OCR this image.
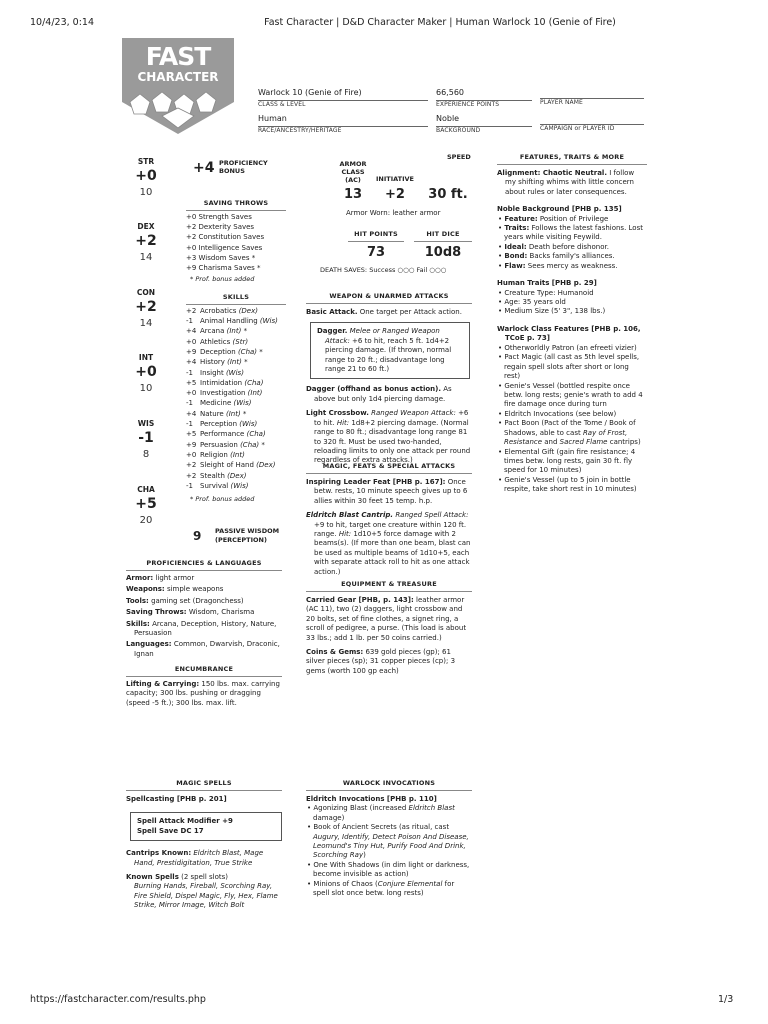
10/4/23, 0:14	Fast Character | D&D Character Maker | Human Warlock 10 (Genie of Fire)
https://fastcharacter.com/results.php	1/3
FAST
CHARACTER
Warlock 10 (Genie of Fire)
CLASS & LEVEL
66,560
EXPERIENCE POINTS	PLAYER NAME
Human
RACE/ANCESTRY/HERITAGE
Noble
BACKGROUND	CAMPAIGN or PLAYER ID
STR
+0
10
DEX
+2
14
CON
+2
14
INT
+0
10
WIS
-1
8
CHA
+5
20
+4 PROFICIENCY
BONUS
SAVING THROWS
+0 Strength Saves
+2 Dexterity Saves
+2 Constitution Saves
+0 Intelligence Saves
+3 Wisdom Saves *
+9 Charisma Saves *
* Prof. bonus added
SKILLS
+2 Acrobatics (Dex)
-1 Animal Handling (Wis)
+4 Arcana (Int) *
+0 Athletics (Str)
+9 Deception (Cha) *
+4 History (Int) *
-1 Insight (Wis)
+5 Intimidation (Cha)
+0 Investigation (Int)
-1 Medicine (Wis)
+4 Nature (Int) *
-1 Perception (Wis)
+5 Performance (Cha)
+9 Persuasion (Cha) *
+0 Religion (Int)
+2 Sleight of Hand (Dex)
+2 Stealth (Dex)
-1 Survival (Wis)
* Prof. bonus added
9 PASSIVE WISDOM
(PERCEPTION)
PROFICIENCIES & LANGUAGES
Armor: light armor
Weapons: simple weapons
Tools: gaming set (Dragonchess)
Saving Throws: Wisdom, Charisma
Skills: Arcana, Deception, History, Nature, Persuasion
Languages: Common, Dwarvish, Draconic, Ignan
ENCUMBRANCE
Lifting & Carrying: 150 lbs. max. carrying capacity; 300 lbs. pushing or dragging (speed -5 ft.); 300 lbs. max. lift.
ARMOR
CLASS
(AC)	INITIATIVE
SPEED
13	+2	30 ft.
Armor Worn: leather armor
HIT POINTS
73
HIT DICE
10d8
DEATH SAVES: Success ○○○ Fail ○○○
WEAPON & UNARMED ATTACKS
Basic Attack. One target per Attack action.
Dagger. Melee or Ranged Weapon Attack: +6 to hit, reach 5 ft. 1d4+2 piercing damage. (If thrown, normal range to 20 ft.; disadvantage long range 21 to 60 ft.)
Dagger (offhand as bonus action). As above but only 1d4 piercing damage.
Light Crossbow. Ranged Weapon Attack: +6 to hit. Hit: 1d8+2 piercing damage. (Normal range to 80 ft.; disadvantage long range 81 to 320 ft. Must be used two-handed, reloading limits to only one attack per round regardless of extra attacks.)
MAGIC, FEATS & SPECIAL ATTACKS
Inspiring Leader Feat [PHB p. 167]: Once betw. rests, 10 minute speech gives up to 6 allies within 30 feet 15 temp. h.p.
Eldritch Blast Cantrip. Ranged Spell Attack: +9 to hit, target one creature within 120 ft. range. Hit: 1d10+5 force damage with 2 beams(s). (If more than one beam, blast can be used as multiple beams of 1d10+5, each with separate attack roll to hit as one attack action.)
EQUIPMENT & TREASURE
Carried Gear [PHB, p. 143]: leather armor (AC 11), two (2) daggers, light crossbow and 20 bolts, set of fine clothes, a signet ring, a scroll of pedigree, a purse. (This load is about 33 lbs.; add 1 lb. per 50 coins carried.)
Coins & Gems: 639 gold pieces (gp); 61 silver pieces (sp); 31 copper pieces (cp); 3 gems (worth 100 gp each)
FEATURES, TRAITS & MORE
Alignment: Chaotic Neutral. I follow my shifting whims with little concern about rules or later consequences.
Noble Background [PHB p. 135]
• Feature: Position of Privilege
• Traits: Follows the latest fashions. Lost years while visiting Feywild.
• Ideal: Death before dishonor.
• Bond: Backs family's alliances.
• Flaw: Sees mercy as weakness.
Human Traits [PHB p. 29]
• Creature Type: Humanoid
• Age: 35 years old
• Medium Size (5' 3", 138 lbs.)
Warlock Class Features [PHB p. 106, TCoE p. 73]
• Otherworldly Patron (an efreeti vizier)
• Pact Magic (all cast as 5th level spells, regain spell slots after short or long rest)
• Genie's Vessel (bottled respite once betw. long rests; genie's wrath to add 4 fire damage once during turn
• Eldritch Invocations (see below)
• Pact Boon (Pact of the Tome / Book of Shadows, able to cast Ray of Frost, Resistance and Sacred Flame cantrips)
• Elemental Gift (gain fire resistance; 4 times betw. long rests, gain 30 ft. fly speed for 10 minutes)
• Genie's Vessel (up to 5 join in bottle respite, take short rest in 10 minutes)
MAGIC SPELLS
Spellcasting [PHB p. 201]
Spell Attack Modifier +9
Spell Save DC 17
Cantrips Known: Eldritch Blast, Mage Hand, Prestidigitation, True Strike
Known Spells (2 spell slots)
Burning Hands, Fireball, Scorching Ray, Fire Shield, Dispel Magic, Fly, Hex, Flame Strike, Mirror Image, Witch Bolt
WARLOCK INVOCATIONS
Eldritch Invocations [PHB p. 110]
• Agonizing Blast (increased Eldritch Blast damage)
• Book of Ancient Secrets (as ritual, cast Augury, Identify, Detect Poison And Disease, Leomund's Tiny Hut, Purify Food And Drink, Scorching Ray)
• One With Shadows (in dim light or darkness, become invisible as action)
• Minions of Chaos (Conjure Elemental for spell slot once betw. long rests)
